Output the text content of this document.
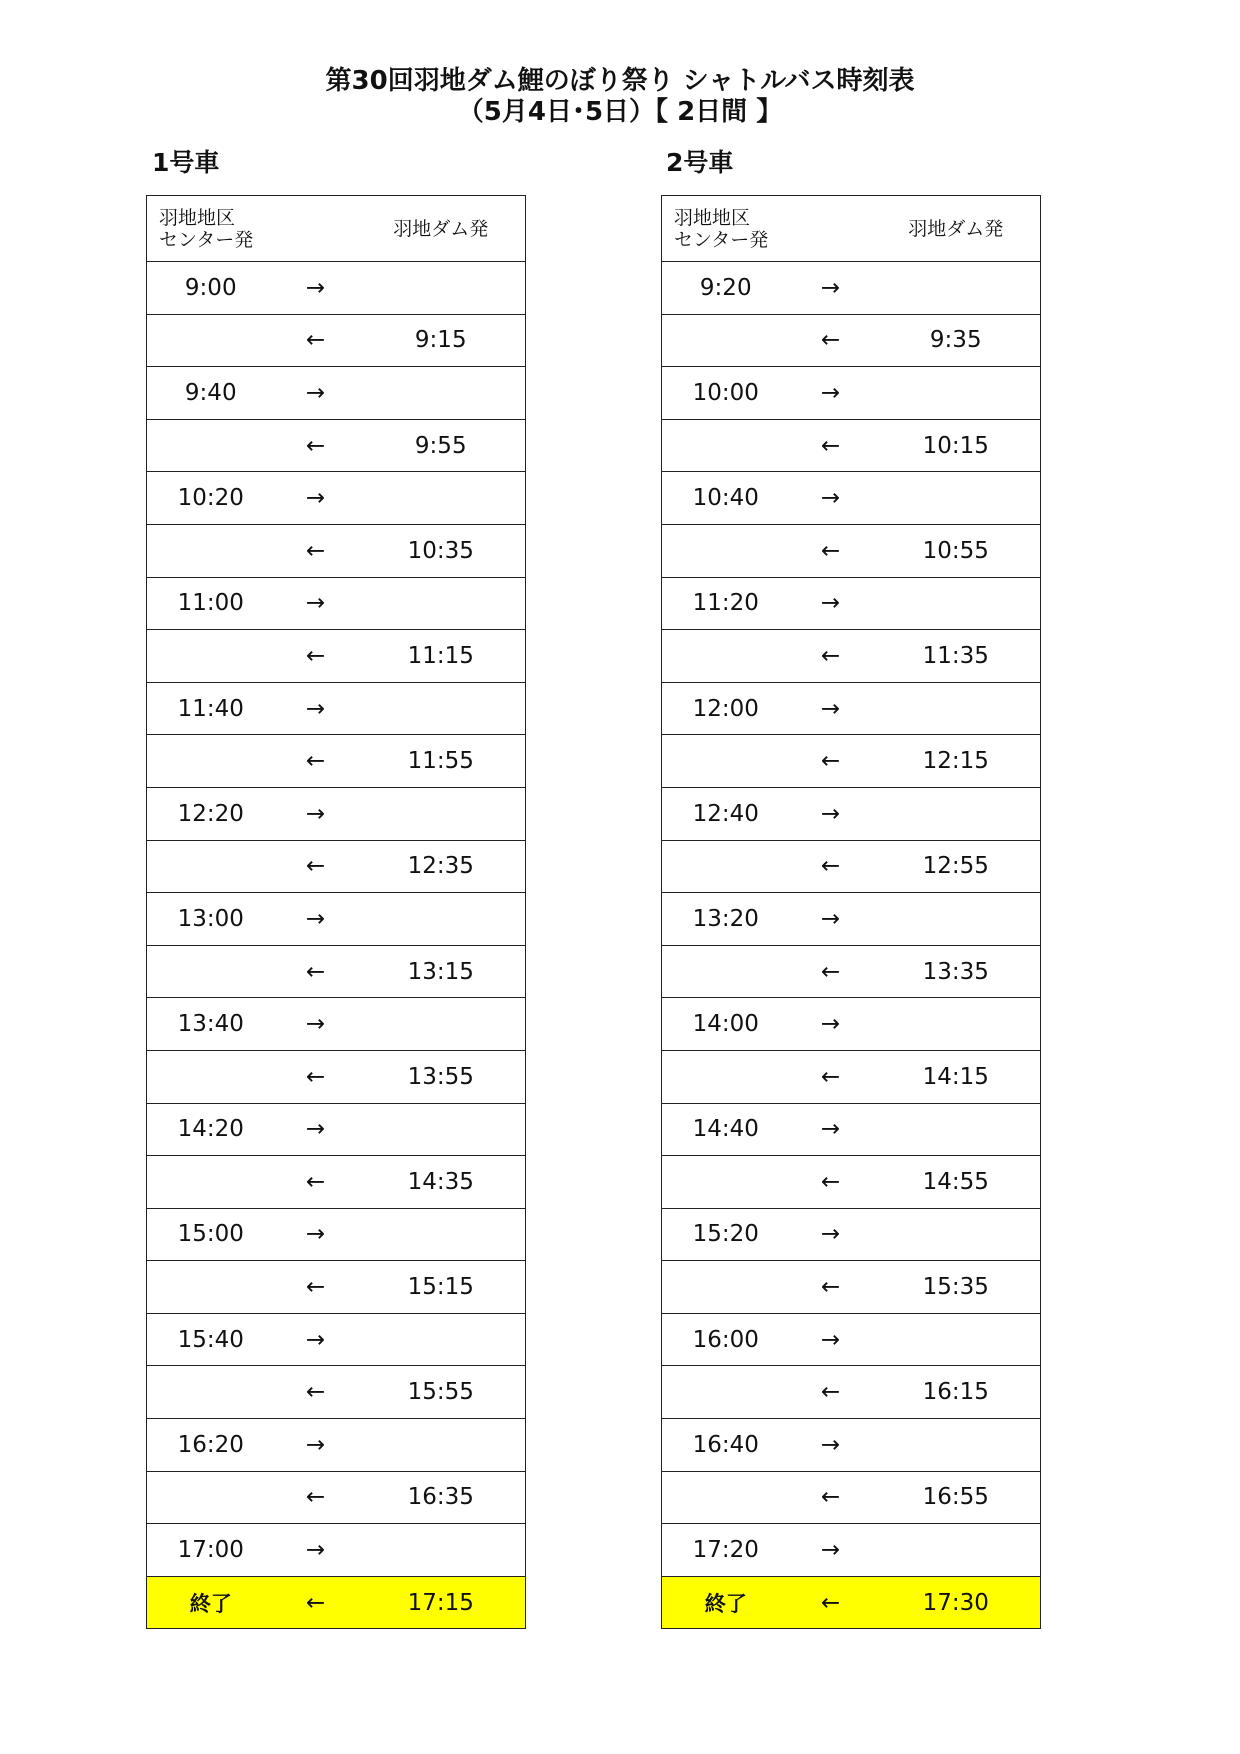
第30回羽地ダム鯉のぼり祭り シャトルバス時刻表
（5月4日･5日）【 2日間 】
1号車	2号車
羽地地区
センター発		羽地ダム発
9:00	→	
	←	9:15
9:40	→	
	←	9:55
10:20	→	
	←	10:35
11:00	→	
	←	11:15
11:40	→	
	←	11:55
12:20	→	
	←	12:35
13:00	→	
	←	13:15
13:40	→	
	←	13:55
14:20	→	
	←	14:35
15:00	→	
	←	15:15
15:40	→	
	←	15:55
16:20	→	
	←	16:35
17:00	→	
終了	←	17:15
羽地地区
センター発		羽地ダム発
9:20	→	
	←	9:35
10:00	→	
	←	10:15
10:40	→	
	←	10:55
11:20	→	
	←	11:35
12:00	→	
	←	12:15
12:40	→	
	←	12:55
13:20	→	
	←	13:35
14:00	→	
	←	14:15
14:40	→	
	←	14:55
15:20	→	
	←	15:35
16:00	→	
	←	16:15
16:40	→	
	←	16:55
17:20	→	
終了	←	17:30
